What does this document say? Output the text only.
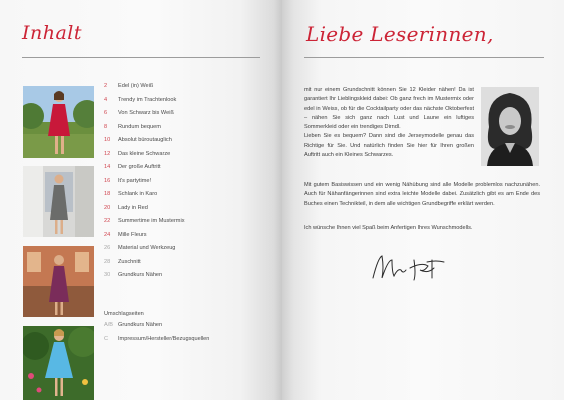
Inhalt
2	Edel (in) Weiß
4	Trendy im Trachtenlook
6	Von Schwarz bis Weiß
8	Rundum bequem
10	Absolut büroutauglich
12	Das kleine Schwarze
14	Der große Auftritt
16	It's partytime!
18	Schlank in Karo
20	Lady in Red
22	Summertime im Mustermix
24	Mille Fleurs
26	Material und Werkzeug
28	Zuschnitt
30	Grundkurs Nähen
Umschlagseiten
A/B Grundkurs Nähen
C	Impressum/Hersteller/Bezugsquellen
Liebe Leserinnen,

mit nur einem Grundschnitt können Sie 12 Kleider nähen! Da ist garantiert Ihr Lieblingskleid dabei: Ob ganz frech im Mustermix oder edel in Weiss, ob für die Cocktailparty oder das nächste Oktoberfest – nähen Sie sich ganz nach Lust und Laune ein luftiges Sommerkleid oder ein trendiges Dirndl.
Lieben Sie es bequem? Dann sind die Jerseymodelle genau das Richtige für Sie. Und natürlich finden Sie hier für Ihren großen Auftritt auch ein Kleines Schwarzes.

Mit gutem Basiswissen und ein wenig Nähübung sind alle Modelle problemlos nachzunähen. Auch für Nähanfängerinnen sind extra leichte Modelle dabei. Zusätzlich gibt es am Ende des Buches einen Technikteil, in dem alle wichtigen Grundbegriffe erklärt werden.

Ich wünsche Ihnen viel Spaß beim Anfertigen Ihres Wunschmodells.
